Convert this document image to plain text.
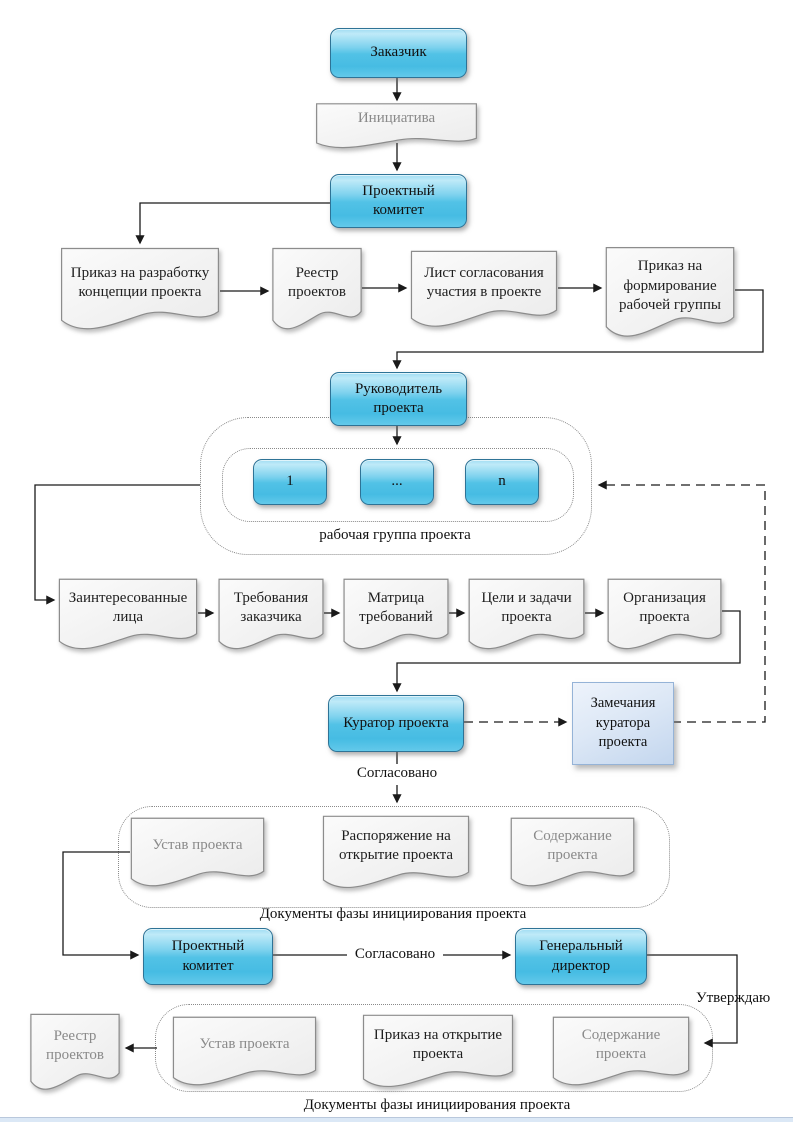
Заказчик
Проектный комитет
Руководитель проекта
1	...	n
Куратор проекта
Проектный комитет
Генеральный директор
Замечания куратора проекта
Инициатива
Приказ на разработку концепции проекта
Реестр проектов
Лист согласования участия в проекте
Приказ на формирование рабочей группы
Заинтересованные лица
Требования заказчика
Матрица требований
Цели и задачи проекта
Организация проекта
Устав проекта
Распоряжение на открытие проекта
Содержание проекта
Реестр проектов
Устав проекта
Приказ на открытие проекта
Содержание проекта
рабочая группа проекта
Согласовано
Согласовано
Утверждаю
Документы фазы инициирования проекта
Документы фазы инициирования проекта
